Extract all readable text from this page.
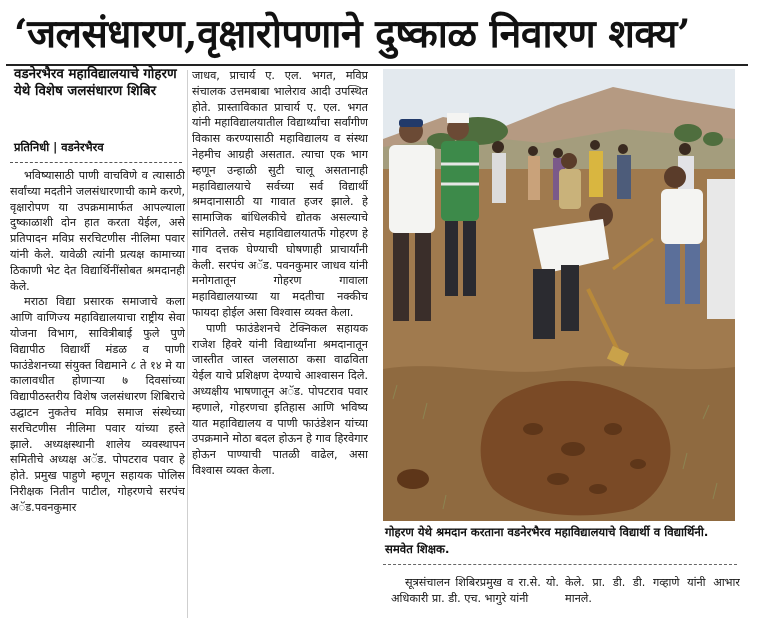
‘जलसंधारण,वृक्षारोपणाने दुष्काळ निवारण शक्य’
वडनेरभैरव महाविद्यालयाचे गोहरण येथे विशेष जलसंधारण शिबिर
प्रतिनिधी | वडनेरभैरव

भविष्यासाठी पाणी वाचविणे व त्यासाठी सर्वांच्या मदतीने जलसंधारणाची कामे करणे, वृक्षारोपण या उपक्रमामार्फत आपल्याला दुष्काळाशी दोन हात करता येईल, असे प्रतिपादन मविप्र सरचिटणीस नीलिमा पवार यांनी केले. यावेळी त्यांनी प्रत्यक्ष कामाच्या ठिकाणी भेट देत विद्यार्थिनींसोबत श्रमदानही केले.

मराठा विद्या प्रसारक समाजाचे कला आणि वाणिज्य महाविद्यालयाचा राष्ट्रीय सेवा योजना विभाग, सावित्रीबाई फुले पुणे विद्यापीठ विद्यार्थी मंडळ व पाणी फाउंडेशनच्या संयुक्त विद्यमाने ८ ते १४ मे या कालावधीत होणाऱ्या ७ दिवसांच्या विद्यापीठस्तरीय विशेष जलसंधारण शिबिराचे उद्घाटन नुकतेच मविप्र समाज संस्थेच्या सरचिटणीस नीलिमा पवार यांच्या हस्ते झाले. अध्यक्षस्थानी शालेय व्यवस्थापन समितीचे अध्यक्ष अॅड. पोपटराव पवार हे होते. प्रमुख पाहुणे म्हणून सहायक पोलिस निरीक्षक नितीन पाटील, गोहरणचे सरपंच अॅड.पवनकुमार

जाधव, प्राचार्य ए. एल. भगत, मविप्र संचालक उत्तमबाबा भालेराव आदी उपस्थित होते. प्रास्ताविकात प्राचार्य ए. एल. भगत यांनी महाविद्यालयातील विद्यार्थ्यांचा सर्वांगीण विकास करण्यासाठी महाविद्यालय व संस्था नेहमीच आग्रही असतात. त्याचा एक भाग म्हणून उन्हाळी सुटी चालू असतानाही महाविद्यालयाचे सर्वच्या सर्व विद्यार्थी श्रमदानासाठी या गावात हजर झाले. हे सामाजिक बांधिलकीचे द्योतक असल्याचे सांगितले. तसेच महाविद्यालयातर्फे गोहरण हे गाव दत्तक घेण्याची घोषणाही प्राचार्यांनी केली. सरपंच अॅड. पवनकुमार जाधव यांनी मनोगतातून गोहरण गावाला महाविद्यालयाच्या या मदतीचा नक्कीच फायदा होईल असा विश्वास व्यक्त केला.

पाणी फाउंडेशनचे टेक्निकल सहायक राजेश हिवरे यांनी विद्यार्थ्यांना श्रमदानातून जास्तीत जास्त जलसाठा कसा वाढविता येईल याचे प्रशिक्षण देण्याचे आश्वासन दिले. अध्यक्षीय भाषणातून अॅड. पोपटराव पवार म्हणाले, गोहरणचा इतिहास आणि भविष्य यात महाविद्यालय व पाणी फाउंडेशन यांच्या उपक्रमाने मोठा बदल होऊन हे गाव हिरवेगार होऊन पाण्याची पातळी वाढेल, असा विश्वास व्यक्त केला.

गोहरण येथे श्रमदान करताना वडनेरभैरव महाविद्यालयाचे विद्यार्थी व विद्यार्थिनी. समवेत शिक्षक.

सूत्रसंचालन शिबिरप्रमुख व रा.से. यो. अधिकारी प्रा. डी. एच. भागुरे यांनी

केले. प्रा. डी. डी. गव्हाणे यांनी आभार मानले.
